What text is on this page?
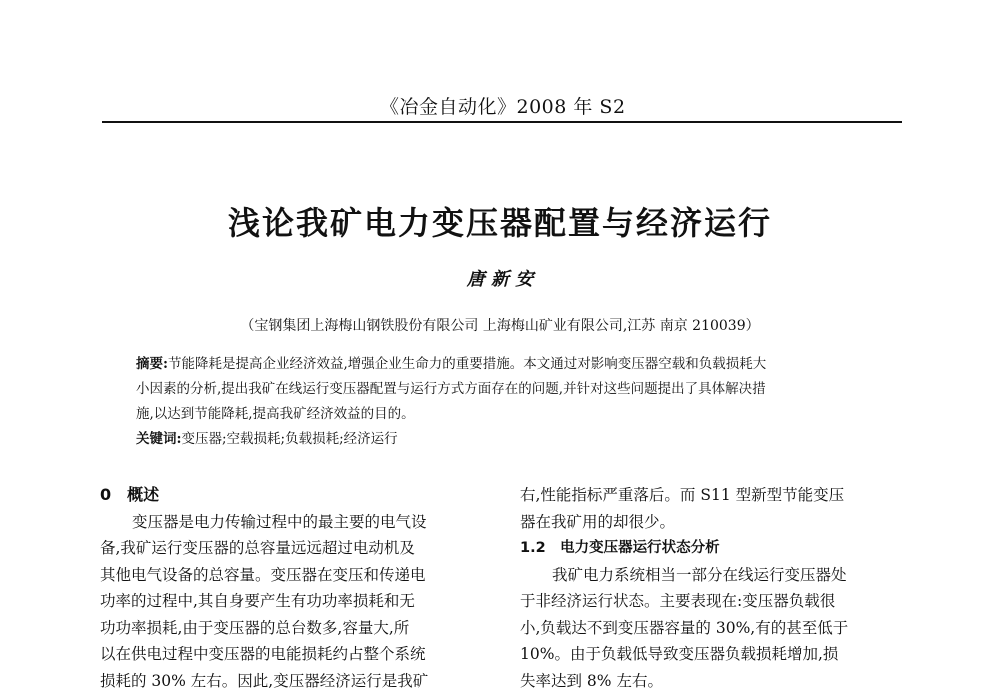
《冶金自动化》2008 年 S2
浅论我矿电力变压器配置与经济运行
唐 新 安
（宝钢集团上海梅山钢铁股份有限公司 上海梅山矿业有限公司,江苏 南京 210039）
摘要:节能降耗是提高企业经济效益,增强企业生命力的重要措施。本文通过对影响变压器空载和负载损耗大
小因素的分析,提出我矿在线运行变压器配置与运行方式方面存在的问题,并针对这些问题提出了具体解决措
施,以达到节能降耗,提高我矿经济效益的目的。
关键词:变压器;空载损耗;负载损耗;经济运行
0　概述
变压器是电力传输过程中的最主要的电气设
备,我矿运行变压器的总容量远远超过电动机及
其他电气设备的总容量。变压器在变压和传递电
功率的过程中,其自身要产生有功功率损耗和无
功功率损耗,由于变压器的总台数多,容量大,所
以在供电过程中变压器的电能损耗约占整个系统
损耗的 30% 左右。因此,变压器经济运行是我矿
右,性能指标严重落后。而 S11 型新型节能变压
器在我矿用的却很少。
1.2　电力变压器运行状态分析
我矿电力系统相当一部分在线运行变压器处
于非经济运行状态。主要表现在:变压器负载很
小,负载达不到变压器容量的 30%,有的甚至低于
10%。由于负载低导致变压器负载损耗增加,损
失率达到 8% 左右。
